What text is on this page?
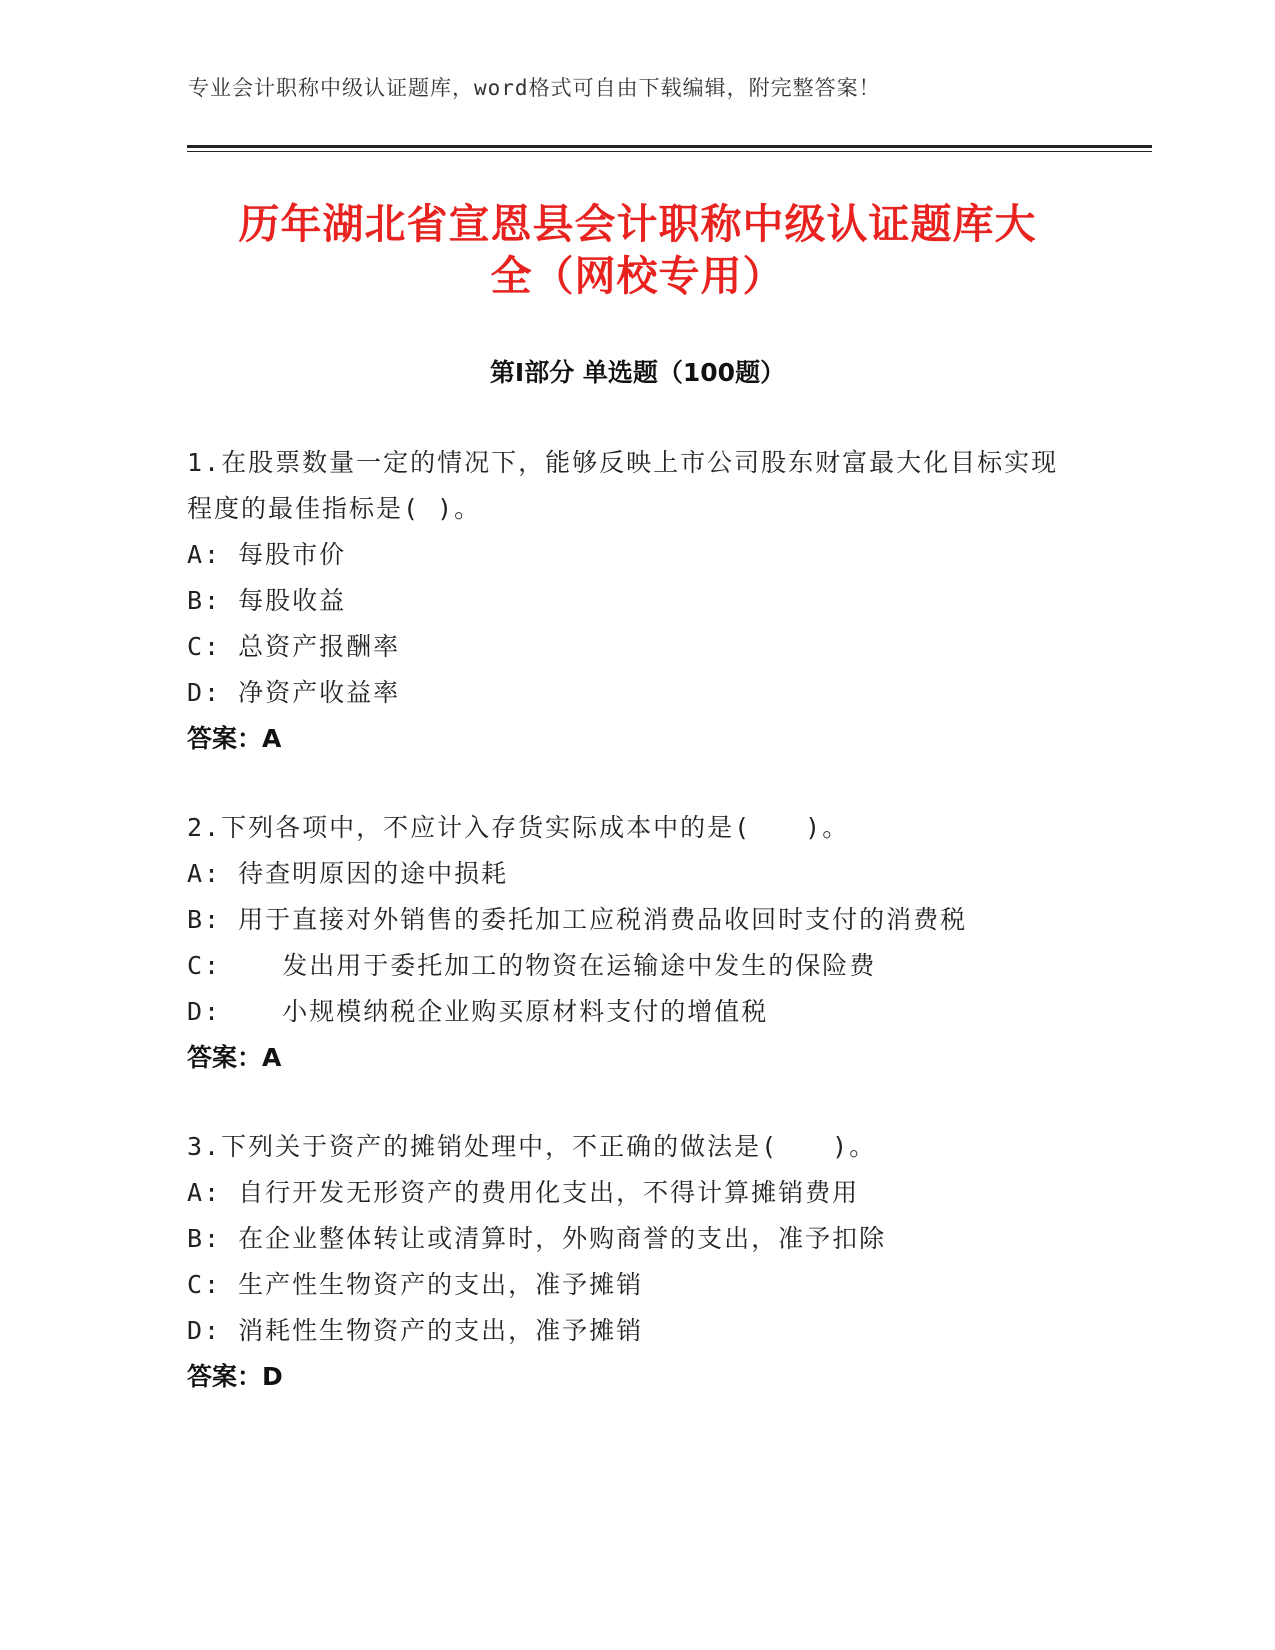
专业会计职称中级认证题库，word格式可自由下载编辑，附完整答案！
历年湖北省宣恩县会计职称中级认证题库大
全（网校专用）
第Ⅰ部分 单选题（100题）
1.在股票数量一定的情况下，能够反映上市公司股东财富最大化目标实现程度的最佳指标是( )。
A: 每股市价
B: 每股收益
C: 总资产报酬率
D: 净资产收益率
答案：A
2.下列各项中，不应计入存货实际成本中的是(　　)。
A: 待查明原因的途中损耗
B: 用于直接对外销售的委托加工应税消费品收回时支付的消费税
C:  　发出用于委托加工的物资在运输途中发生的保险费
D:  　小规模纳税企业购买原材料支付的增值税
答案：A
3.下列关于资产的摊销处理中，不正确的做法是(　　)。
A: 自行开发无形资产的费用化支出，不得计算摊销费用
B: 在企业整体转让或清算时，外购商誉的支出，准予扣除
C: 生产性生物资产的支出，准予摊销
D: 消耗性生物资产的支出，准予摊销
答案：D
